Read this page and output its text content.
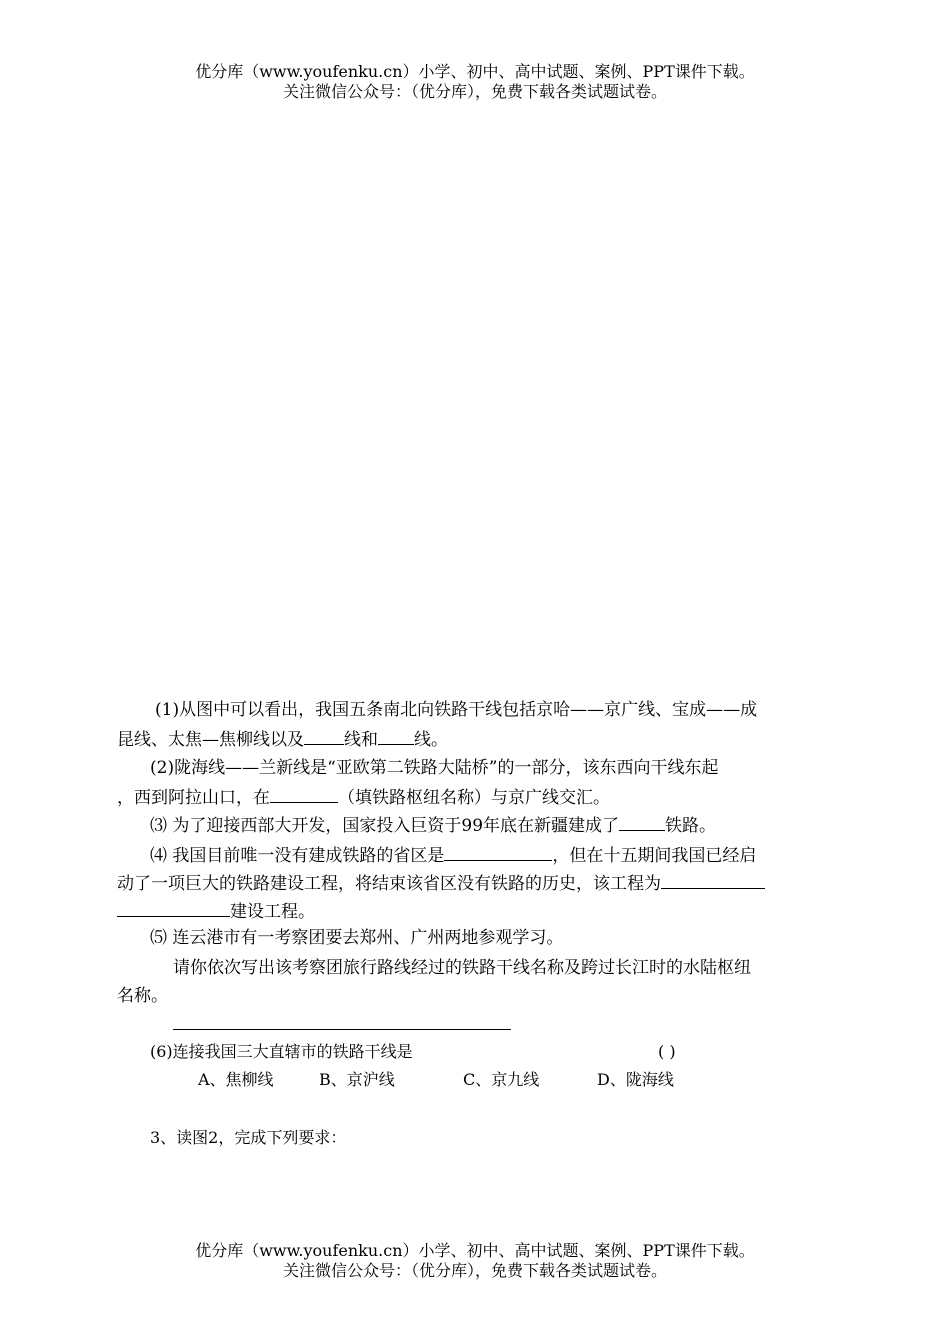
优分库（www.youfenku.cn）小学、初中、高中试题、案例、PPT课件下载。
关注微信公众号：（优分库），免费下载各类试题试卷。
(1)从图中可以看出，我国五条南北向铁路干线包括京哈——京广线、宝成——成
昆线、太焦—焦柳线以及 线和 线。
(2)陇海线——兰新线是“亚欧第二铁路大陆桥”的一部分，该东西向干线东起
，西到阿拉山口，在	（填铁路枢纽名称）与京广线交汇。
⑶ 为了迎接西部大开发，国家投入巨资于99年底在新疆建成了	铁路。
⑷ 我国目前唯一没有建成铁路的省区是	，但在十五期间我国已经启
动了一项巨大的铁路建设工程，将结束该省区没有铁路的历史，该工程为
建设工程。
⑸ 连云港市有一考察团要去郑州、广州两地参观学习。
请你依次写出该考察团旅行路线经过的铁路干线名称及跨过长江时的水陆枢纽
名称。
(6)连接我国三大直辖市的铁路干线是	( )
A、焦柳线	B、京沪线	C、京九线	D、陇海线
3、读图2，完成下列要求：
优分库（www.youfenku.cn）小学、初中、高中试题、案例、PPT课件下载。
关注微信公众号：（优分库），免费下载各类试题试卷。
